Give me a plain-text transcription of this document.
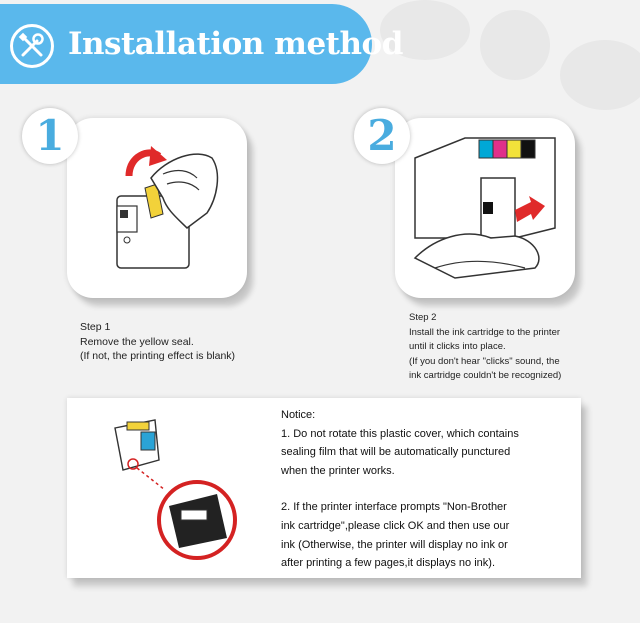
Installation method
1	2
Step 1
Remove the yellow seal.
(If not, the printing effect is blank)
Step 2
Install the ink cartridge to the printer
until it clicks into place.
(If you don't hear "clicks" sound, the
ink cartridge couldn't be recognized)
Notice:
1. Do not rotate this plastic cover, which contains
sealing film that will be automatically punctured
when the printer works.
2. If the printer interface prompts "Non-Brother
ink cartridge",please click OK and then use our
ink (Otherwise, the printer will display no ink or
after printing a few pages,it displays no ink).
